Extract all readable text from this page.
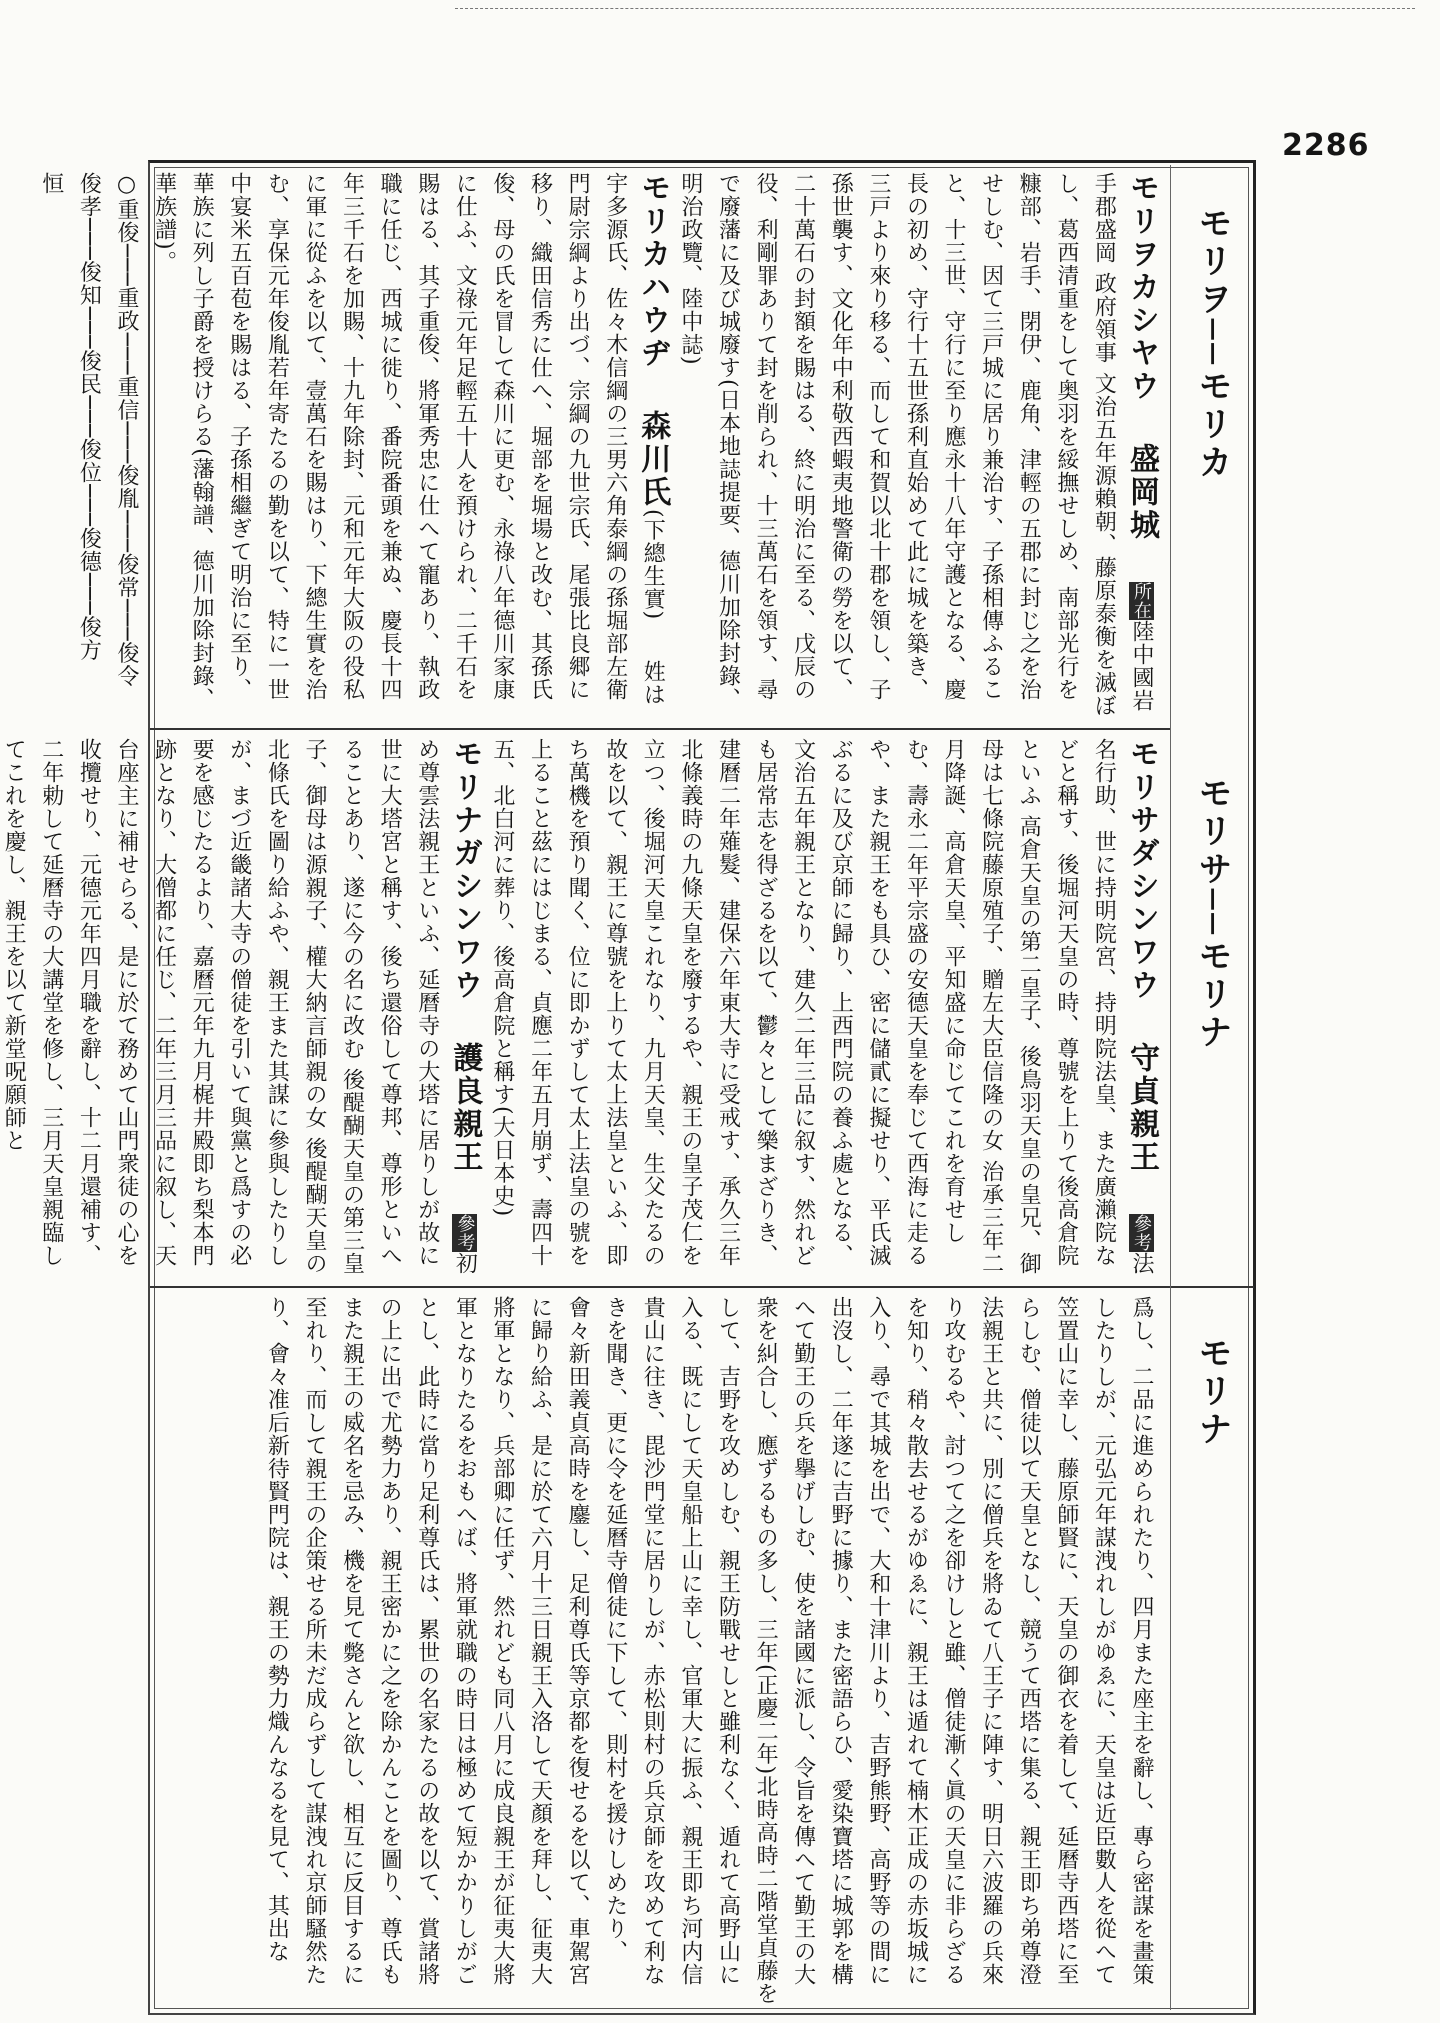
2286
モリヲ──モリカ
モリサ──モリナ
モリナ

モリヲカシヤウ盛岡城所在陸中國岩手郡盛岡 政府領事 文治五年源賴朝、藤原泰衡を滅ぼし、葛西清重をして奥羽を綏撫せしめ、南部光行を糠部、岩手、閉伊、鹿角、津輕の五郡に封じ之を治せしむ、因て三戸城に居り兼治す、子孫相傳ふること、十三世、守行に至り應永十八年守護となる、慶長の初め、守行十五世孫利直始めて此に城を築き、三戸より來り移る、而して和賀以北十郡を領し、子孫世襲す、文化年中利敬西蝦夷地警衛の勞を以て、二十萬石の封額を賜はる、終に明治に至る、戊辰の役、利剛罪ありて封を削られ、十三萬石を領す、尋で廢藩に及び城廢す(日本地誌提要、德川加除封錄、明治政覽、陸中誌)

モリカハウヂ森川氏(下總生實)姓は宇多源氏、佐々木信綱の三男六角泰綱の孫堀部左衛門尉宗綱より出づ、宗綱の九世宗氏、尾張比良郷に移り、織田信秀に仕へ、堀部を堀場と改む、其孫氏俊、母の氏を冒して森川に更む、永祿八年德川家康に仕ふ、文祿元年足輕五十人を預けられ、二千石を賜はる、其子重俊、將軍秀忠に仕へて寵あり、執政職に任じ、西城に徙り、番院番頭を兼ぬ、慶長十四年三千石を加賜、十九年除封、元和元年大阪の役私に軍に從ふを以て、壹萬石を賜はり、下總生實を治む、享保元年俊胤若年寄たるの勤を以て、特に一世中宴米五百苞を賜はる、子孫相繼ぎて明治に至り、華族に列し子爵を授けらる(藩翰譜、德川加除封錄、華族譜)。

○重俊───重政───重信───俊胤───俊常───俊令

俊孝───俊知───俊民───俊位───俊德───俊方

恒

モリサダシンワウ守貞親王參考法名行助、世に持明院宮、持明院法皇、また廣瀨院などと稱す、後堀河天皇の時、尊號を上りて後高倉院といふ 高倉天皇の第二皇子、後鳥羽天皇の皇兄、御母は七條院藤原殖子、贈左大臣信隆の女 治承三年二月降誕、高倉天皇、平知盛に命じてこれを育せしむ、壽永二年平宗盛の安德天皇を奉じて西海に走るや、また親王をも具ひ、密に儲貳に擬せり、平氏滅ぶるに及び京師に歸り、上西門院の養ふ處となる、文治五年親王となり、建久二年三品に叙す、然れども居常志を得ざるを以て、鬱々として樂まざりき、建曆二年薙髮、建保六年東大寺に受戒す、承久三年北條義時の九條天皇を廢するや、親王の皇子茂仁を立つ、後堀河天皇これなり、九月天皇、生父たるの故を以て、親王に尊號を上りて太上法皇といふ、即ち萬機を預り聞く、位に即かずして太上法皇の號を上ること茲にはじまる、貞應二年五月崩ず、壽四十五、北白河に葬り、後高倉院と稱す(大日本史)

モリナガシンワウ護良親王參考初め尊雲法親王といふ、延曆寺の大塔に居りしが故に世に大塔宮と稱す、後ち還俗して尊邦、尊形といへることあり、遂に今の名に改む 後醍醐天皇の第三皇子、御母は源親子、權大納言師親の女 後醍醐天皇の北條氏を圖り給ふや、親王また其謀に參與したりしが、まづ近畿諸大寺の僧徒を引いて與黨と爲すの必要を感じたるより、嘉曆元年九月梶井殿即ち梨本門跡となり、大僧都に任じ、二年三月三品に叙し、天台座主に補せらる、是に於て務めて山門衆徒の心を收攬せり、元德元年四月職を辭し、十二月還補す、二年勅して延曆寺の大講堂を修し、三月天皇親臨してこれを慶し、親王を以て新堂呪願師と

爲し、二品に進められたり、四月また座主を辭し、專ら密謀を畫策したりしが、元弘元年謀洩れしがゆゑに、天皇は近臣數人を從へて笠置山に幸し、藤原師賢に、天皇の御衣を着して、延曆寺西塔に至らしむ、僧徒以て天皇となし、競うて西塔に集る、親王即ち弟尊澄法親王と共に、別に僧兵を將ゐて八王子に陣す、明日六波羅の兵來り攻むるや、討つて之を卻けしと雖、僧徒漸く眞の天皇に非らざるを知り、稍々散去せるがゆゑに、親王は遁れて楠木正成の赤坂城に入り、尋で其城を出で、大和十津川より、吉野熊野、高野等の間に出沒し、二年遂に吉野に據り、また密語らひ、愛染寶塔に城郭を構へて勤王の兵を擧げしむ、使を諸國に派し、令旨を傳へて勤王の大衆を糾合し、應ずるもの多し、三年(正慶二年)北時高時二階堂貞藤をして、吉野を攻めしむ、親王防戰せしと雖利なく、遁れて高野山に入る、既にして天皇船上山に幸し、官軍大に振ふ、親王即ち河内信貴山に往き、毘沙門堂に居りしが、赤松則村の兵京師を攻めて利なきを聞き、更に令を延曆寺僧徒に下して、則村を援けしめたり、會々新田義貞高時を鏖し、足利尊氏等京都を復せるを以て、車駕宮に歸り給ふ、是に於て六月十三日親王入洛して天顏を拜し、征夷大將軍となり、兵部卿に任ず、然れども同八月に成良親王が征夷大將軍となりたるをおもへば、將軍就職の時日は極めて短かかりしがごとし、此時に當り足利尊氏は、累世の名家たるの故を以て、賞諸將の上に出で尤勢力あり、親王密かに之を除かんことを圖り、尊氏もまた親王の威名を忌み、機を見て斃さんと欲し、相互に反目するに至れり、而して親王の企策せる所未だ成らずして謀洩れ京師騷然たり、會々准后新待賢門院は、親王の勢力熾んなるを見て、其出な
